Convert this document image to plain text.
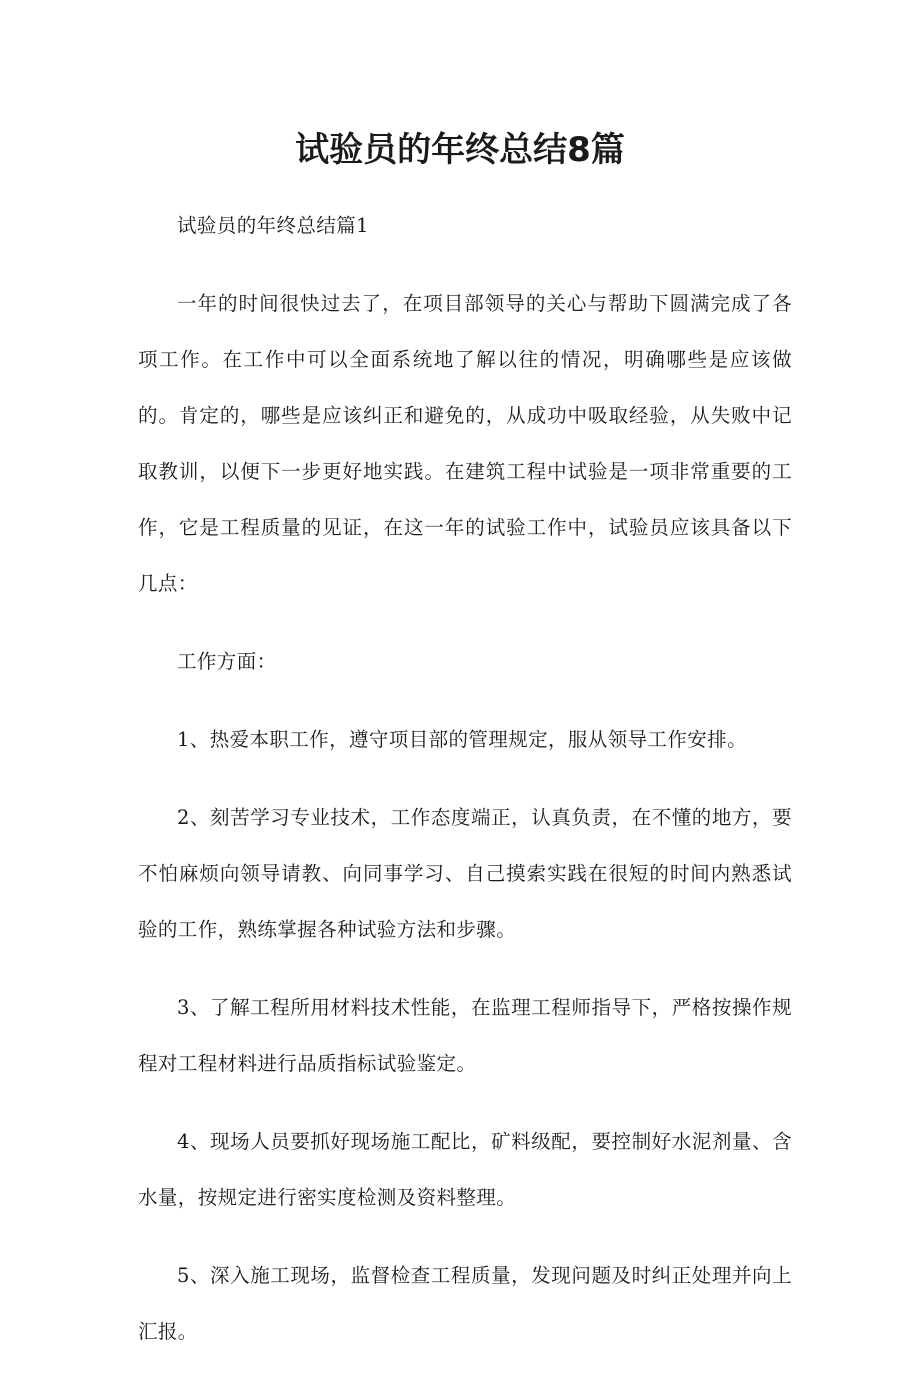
试验员的年终总结8篇

试验员的年终总结篇1

一年的时间很快过去了，在项目部领导的关心与帮助下圆满完成了各项工作。在工作中可以全面系统地了解以往的情况，明确哪些是应该做的。肯定的，哪些是应该纠正和避免的，从成功中吸取经验，从失败中记取教训，以便下一步更好地实践。在建筑工程中试验是一项非常重要的工作，它是工程质量的见证，在这一年的试验工作中，试验员应该具备以下几点：

工作方面：

1、热爱本职工作，遵守项目部的管理规定，服从领导工作安排。

2、刻苦学习专业技术，工作态度端正，认真负责，在不懂的地方，要不怕麻烦向领导请教、向同事学习、自己摸索实践在很短的时间内熟悉试验的工作，熟练掌握各种试验方法和步骤。

3、了解工程所用材料技术性能，在监理工程师指导下，严格按操作规程对工程材料进行品质指标试验鉴定。

4、现场人员要抓好现场施工配比，矿料级配，要控制好水泥剂量、含水量，按规定进行密实度检测及资料整理。

5、深入施工现场，监督检查工程质量，发现问题及时纠正处理并向上汇报。
